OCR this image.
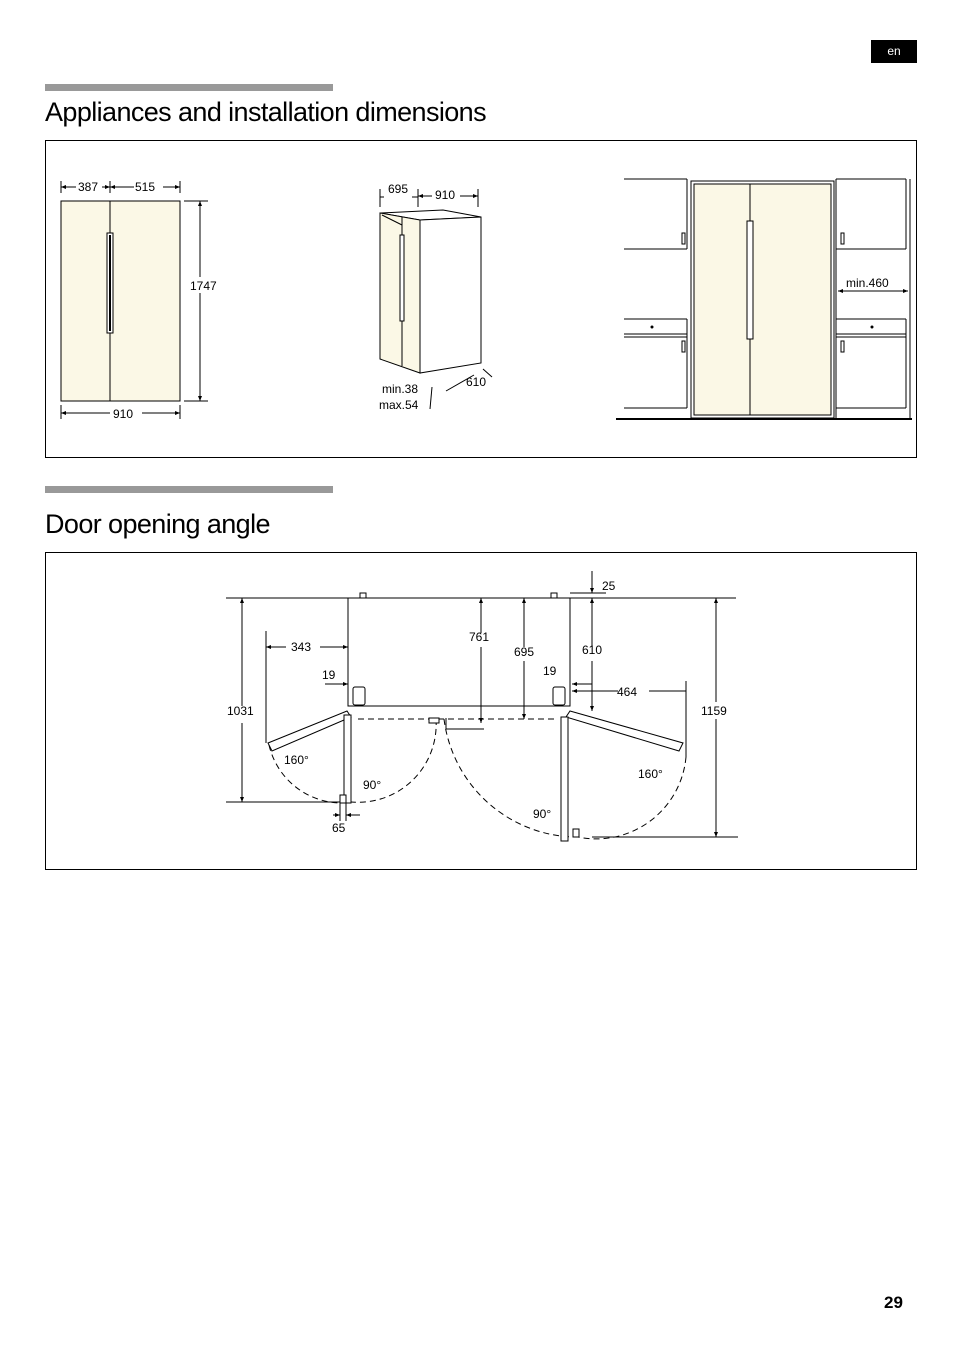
en
Appliances and installation dimensions
387	515
1747
910
695 910
610
min.38
max.54
min.460
Door opening angle
25
343
761
695	610
19	19
464
1031	1159
160°
160°
90°
90°
65
29
